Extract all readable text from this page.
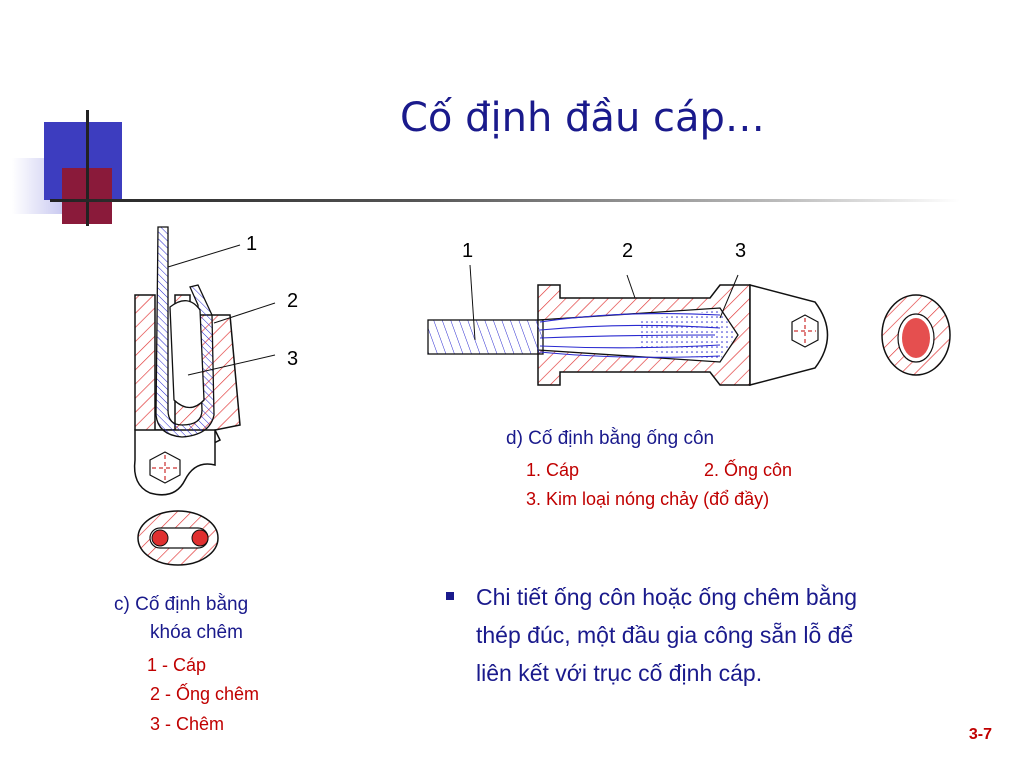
Cố định đầu cáp…
1
2
3
c) Cố định bằng
khóa chêm
1 - Cáp
2 - Ống chêm
3 - Chêm
1	2	3
d) Cố định bằng ống côn
1. Cáp	2. Ống côn
3. Kim loại nóng chảy (đổ đầy)
Chi tiết ống côn hoặc ống chêm bằng
thép đúc, một đầu gia công sẵn lỗ để
liên kết với trục cố định cáp.
3-7
